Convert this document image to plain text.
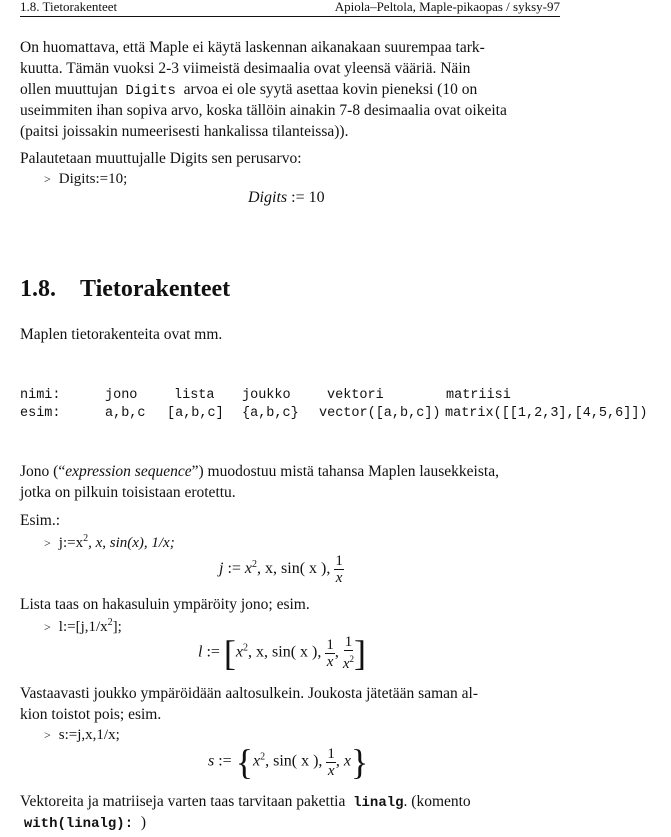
1.8. Tietorakenteet	Apiola–Peltola, Maple-pikaopas / syksy-97
On huomattava, että Maple ei käytä laskennan aikanakaan suurempaa tark-
kuutta. Tämän vuoksi 2-3 viimeistä desimaalia ovat yleensä vääriä. Näin
ollen muuttujan Digits arvoa ei ole syytä asettaa kovin pieneksi (10 on
useimmiten ihan sopiva arvo, koska tällöin ainakin 7-8 desimaalia ovat oikeita
(paitsi joissakin numeerisesti hankalissa tilanteissa)).
Palautetaan muuttujalle Digits sen perusarvo:
> Digits:=10;
Digits := 10
1.8. Tietorakenteet
Maplen tietorakenteita ovat mm.
nimi:	jono	lista joukko	vektori	matriisi
esim:	a,b,c [a,b,c] {a,b,c} vector([a,b,c]) matrix([[1,2,3],[4,5,6]])
Jono (“expression sequence”) muodostuu mistä tahansa Maplen lausekkeista,
jotka on pilkuin toisistaan erotettu.
Esim.:
> $j:=x^2$, x, sin(x), 1/x;
j := $x^2$, x, sin( x ), $\frac{1}{x}$
Lista taas on hakasuluin ympäröity jono; esim.
> $l:=[j,1/x^2]$;
l := [$x^2$, x, sin( x ), $\frac{1}{x}$ , $\frac{1}{x^2}$ ]
Vastaavasti joukko ympäröidään aaltosulkein. Joukosta jätetään saman al-
kion toistot pois; esim.
> s:=j,x,1/x;
s := {$x^2$, sin( x ), $\frac{1}{x}$ , x}
Vektoreita ja matriiseja varten taas tarvitaan pakettia linalg. (komento
with(linalg): )
